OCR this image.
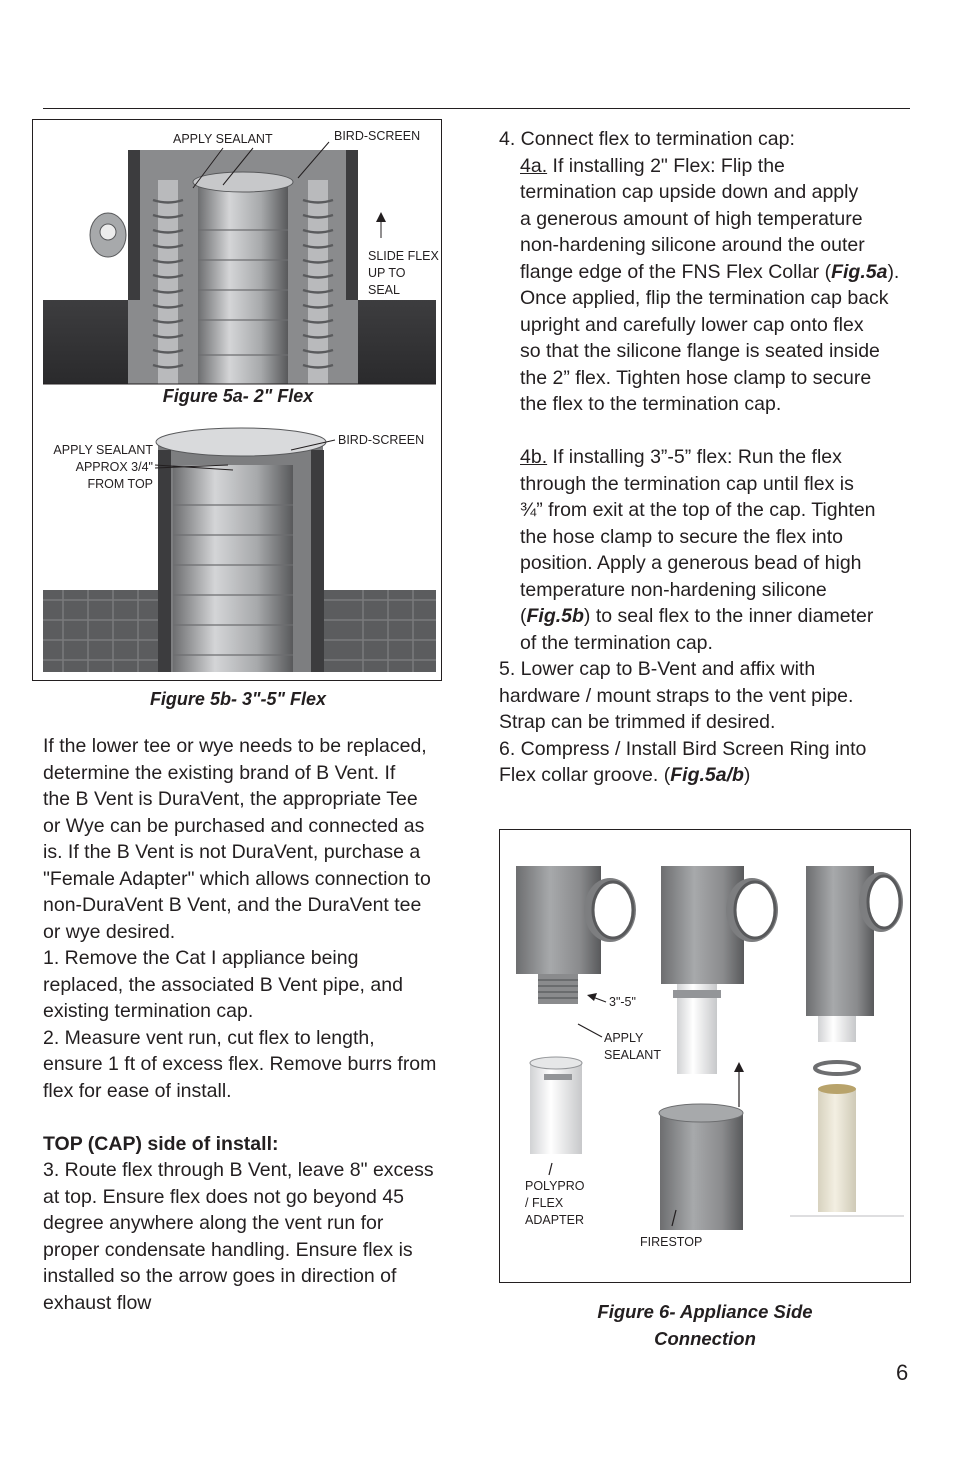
APPLY SEALANT	BIRD-SCREEN
SLIDE FLEX
UP TO
SEAL
Figure 5a- 2" Flex
BIRD-SCREEN
APPLY SEALANT
APPROX 3/4"
FROM TOP
Figure 5b- 3"-5" Flex
If the lower tee or wye needs to be replaced,
determine the existing brand of B Vent. If
the B Vent is DuraVent, the appropriate Tee
or Wye can be purchased and connected as
is. If the B Vent is not DuraVent, purchase a
"Female Adapter" which allows connection to
non-DuraVent B Vent, and the DuraVent tee
or wye desired.
1. Remove the Cat I appliance being
replaced, the associated B Vent pipe, and
existing termination cap.
2. Measure vent run, cut flex to length,
ensure 1 ft of excess flex. Remove burrs from
flex for ease of install.
TOP (CAP) side of install:
3. Route flex through B Vent, leave 8" excess
at top. Ensure flex does not go beyond 45
degree anywhere along the vent run for
proper condensate handling. Ensure flex is
installed so the arrow goes in direction of
exhaust flow
4. Connect flex to termination cap:
4a. If installing 2" Flex: Flip the
termination cap upside down and apply
a generous amount of high temperature
non-hardening silicone around the outer
flange edge of the FNS Flex Collar (Fig.5a).
Once applied, flip the termination cap back
upright and carefully lower cap onto flex
so that the silicone flange is seated inside
the 2” flex. Tighten hose clamp to secure
the flex to the termination cap.
4b. If installing 3”-5” flex: Run the flex
through the termination cap until flex is
¾” from exit at the top of the cap. Tighten
the hose clamp to secure the flex into
position. Apply a generous bead of high
temperature non-hardening silicone
(Fig.5b) to seal flex to the inner diameter
of the termination cap.
5. Lower cap to B-Vent and affix with
hardware / mount straps to the vent pipe.
Strap can be trimmed if desired.
6. Compress / Install Bird Screen Ring into
Flex collar groove. (Fig.5a/b)
3"-5"
APPLY
SEALANT
POLYPRO
/ FLEX
ADAPTER
FIRESTOP
Figure 6- Appliance Side
Connection
6
